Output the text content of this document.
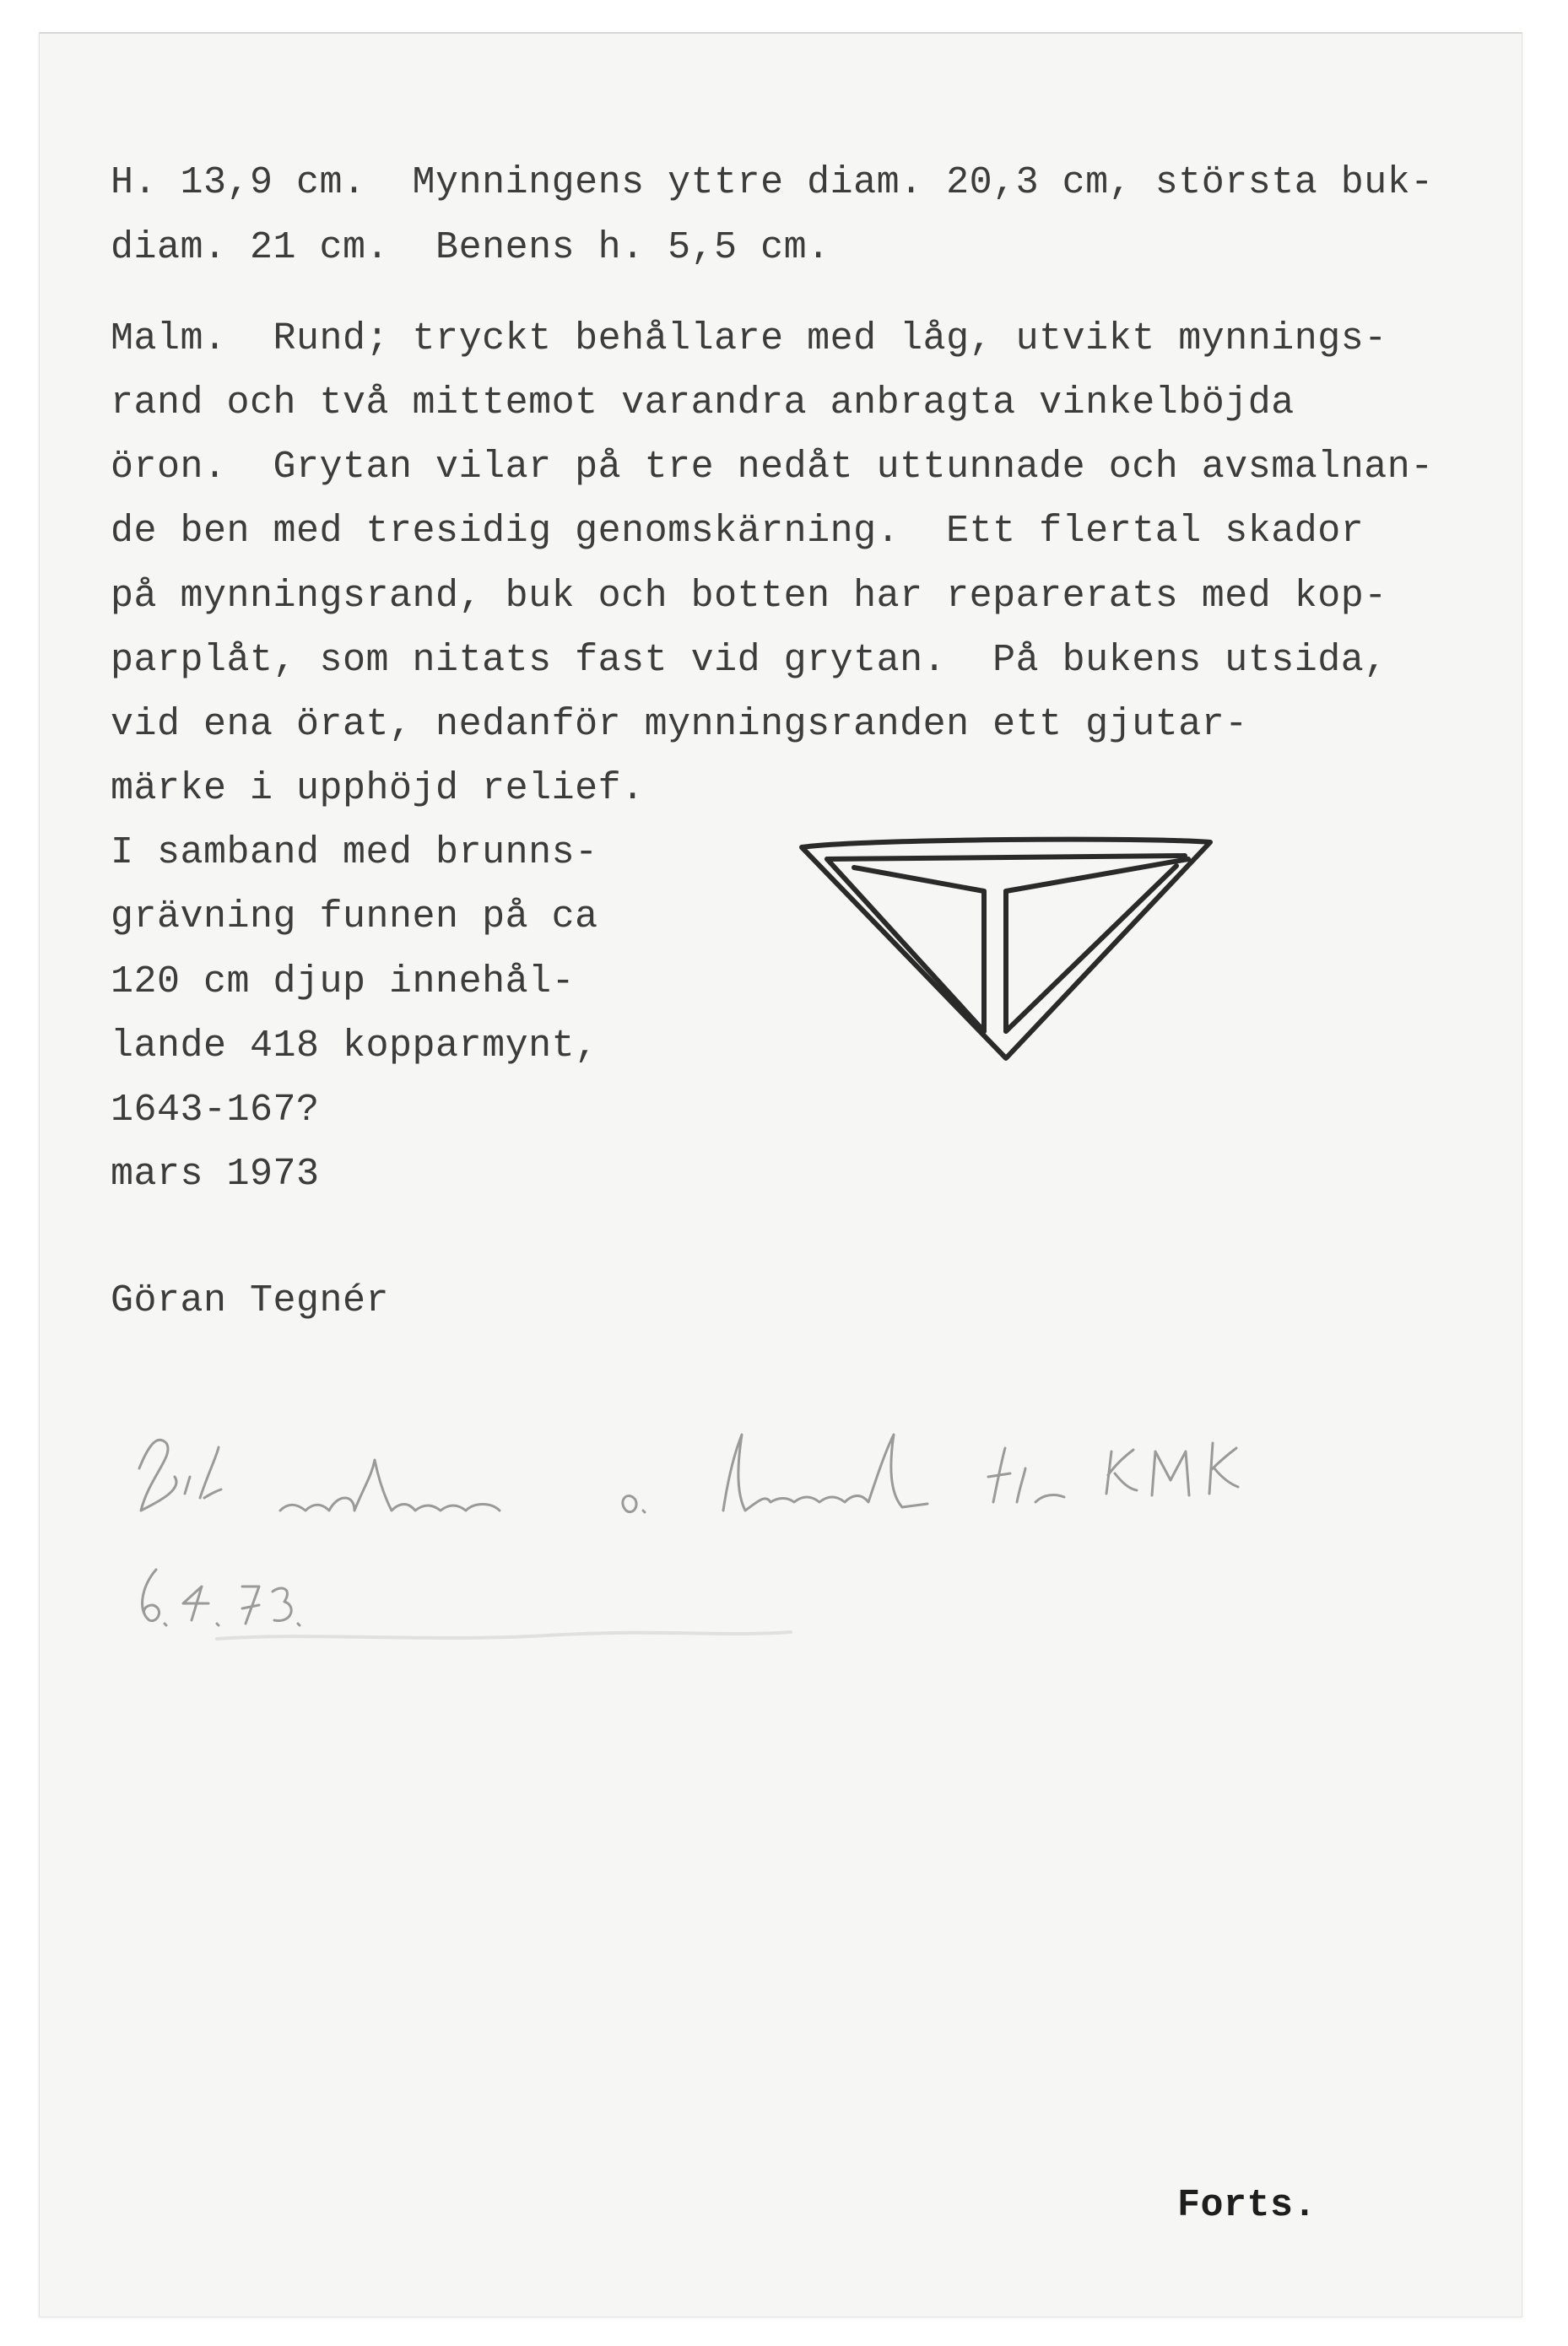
H. 13,9 cm.  Mynningens yttre diam. 20,3 cm, största buk-

diam. 21 cm.  Benens h. 5,5 cm.

Malm.  Rund; tryckt behållare med låg, utvikt mynnings-

rand och två mittemot varandra anbragta vinkelböjda

öron.  Grytan vilar på tre nedåt uttunnade och avsmalnan-

de ben med tresidig genomskärning.  Ett flertal skador

på mynningsrand, buk och botten har reparerats med kop-

parplåt, som nitats fast vid grytan.  På bukens utsida,

vid ena örat, nedanför mynningsranden ett gjutar-

märke i upphöjd relief.

I samband med brunns-

grävning funnen på ca

120 cm djup innehål-

lande 418 kopparmynt,

1643-167?

mars 1973

Göran Tegnér

Forts.
